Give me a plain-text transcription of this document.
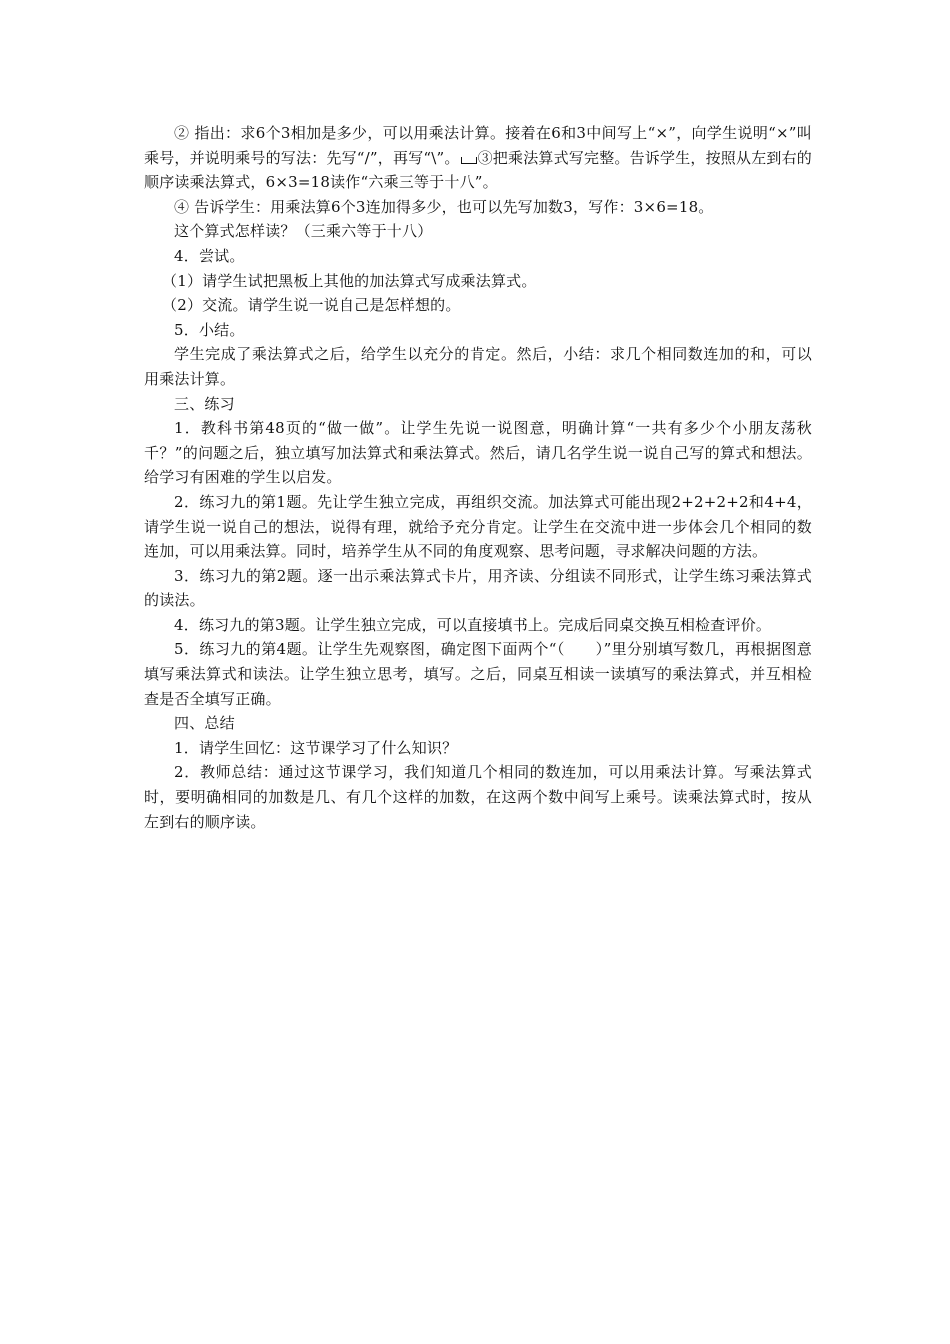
② 指出：求6个3相加是多少，可以用乘法计算。接着在6和3中间写上“×”，向学生说明“×”叫乘号，并说明乘号的写法：先写“/”，再写“\”。 ③把乘法算式写完整。告诉学生，按照从左到右的顺序读乘法算式，6×3=18读作“六乘三等于十八”。

④ 告诉学生：用乘法算6个3连加得多少，也可以先写加数3，写作：3×6=18。

这个算式怎样读？（三乘六等于十八）

4．尝试。

（1）请学生试把黑板上其他的加法算式写成乘法算式。

（2）交流。请学生说一说自己是怎样想的。

5．小结。

学生完成了乘法算式之后，给学生以充分的肯定。然后，小结：求几个相同数连加的和，可以用乘法计算。

三、练习

1．教科书第48页的“做一做”。让学生先说一说图意，明确计算“一共有多少个小朋友荡秋千？”的问题之后，独立填写加法算式和乘法算式。然后，请几名学生说一说自己写的算式和想法。给学习有困难的学生以启发。

2．练习九的第1题。先让学生独立完成，再组织交流。加法算式可能出现2+2+2+2和4+4，请学生说一说自己的想法，说得有理，就给予充分肯定。让学生在交流中进一步体会几个相同的数连加，可以用乘法算。同时，培养学生从不同的角度观察、思考问题，寻求解决问题的方法。

3．练习九的第2题。逐一出示乘法算式卡片，用齐读、分组读不同形式，让学生练习乘法算式的读法。

4．练习九的第3题。让学生独立完成，可以直接填书上。完成后同桌交换互相检查评价。

5．练习九的第4题。让学生先观察图，确定图下面两个“（　　）”里分别填写数几，再根据图意填写乘法算式和读法。让学生独立思考，填写。之后，同桌互相读一读填写的乘法算式，并互相检查是否全填写正确。

四、总结

1．请学生回忆：这节课学习了什么知识？

2．教师总结：通过这节课学习，我们知道几个相同的数连加，可以用乘法计算。写乘法算式时，要明确相同的加数是几、有几个这样的加数，在这两个数中间写上乘号。读乘法算式时，按从左到右的顺序读。
